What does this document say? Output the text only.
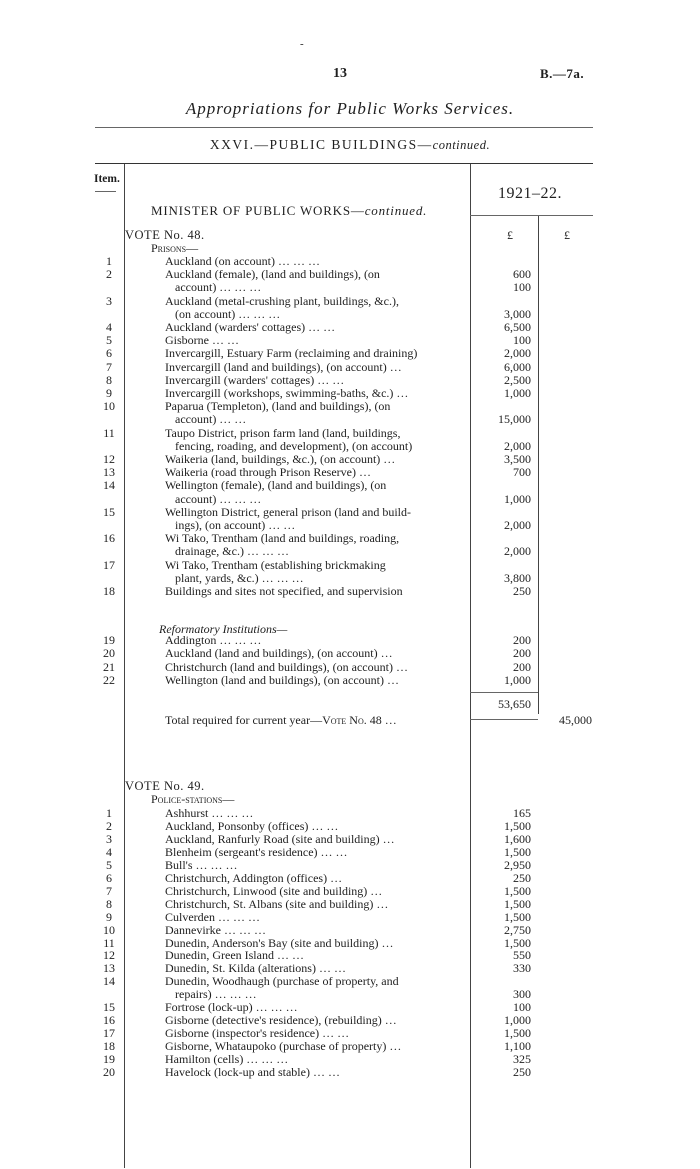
-
13	B.—7a.
Appropriations for Public Works Services.
XXVI.—PUBLIC BUILDINGS—continued.
Item.
1921–22.
MINISTER OF PUBLIC WORKS—continued.
VOTE No. 48.	£	£
Prisons—
1	Auckland (on account) … … …
2	Auckland (female), (land and buildings), (on	600
account) … … …	100
3	Auckland (metal-crushing plant, buildings, &c.),
(on account) … … …	3,000
4	Auckland (warders' cottages) … …	6,500
5	Gisborne … …	100
6	Invercargill, Estuary Farm (reclaiming and draining)	2,000
7	Invercargill (land and buildings), (on account) …	6,000
8	Invercargill (warders' cottages) … …	2,500
9	Invercargill (workshops, swimming-baths, &c.) …	1,000
10	Paparua (Templeton), (land and buildings), (on
account) … …	15,000
11	Taupo District, prison farm land (land, buildings,
fencing, roading, and development), (on account)	2,000
12	Waikeria (land, buildings, &c.), (on account) …	3,500
13	Waikeria (road through Prison Reserve) …	700
14	Wellington (female), (land and buildings), (on
account) … … …	1,000
15	Wellington District, general prison (land and build-
ings), (on account) … …	2,000
16	Wi Tako, Trentham (land and buildings, roading,
drainage, &c.) … … …	2,000
17	Wi Tako, Trentham (establishing brickmaking
plant, yards, &c.) … … …	3,800
18	Buildings and sites not specified, and supervision	250
Reformatory Institutions—
19	Addington … … …	200
20	Auckland (land and buildings), (on account) …	200
21	Christchurch (land and buildings), (on account) …	200
22	Wellington (land and buildings), (on account) …	1,000
53,650
Total required for current year—Vote No. 48 …	45,000
VOTE No. 49.
Police-stations—
1	Ashhurst … … …	165
2	Auckland, Ponsonby (offices) … …	1,500
3	Auckland, Ranfurly Road (site and building) …	1,600
4	Blenheim (sergeant's residence) … …	1,500
5	Bull's … … …	2,950
6	Christchurch, Addington (offices) …	250
7	Christchurch, Linwood (site and building) …	1,500
8	Christchurch, St. Albans (site and building) …	1,500
9	Culverden … … …	1,500
10	Dannevirke … … …	2,750
11	Dunedin, Anderson's Bay (site and building) …	1,500
12	Dunedin, Green Island … …	550
13	Dunedin, St. Kilda (alterations) … …	330
14	Dunedin, Woodhaugh (purchase of property, and
repairs) … … …	300
15	Fortrose (lock-up) … … …	100
16	Gisborne (detective's residence), (rebuilding) …	1,000
17	Gisborne (inspector's residence) … …	1,500
18	Gisborne, Whataupoko (purchase of property) …	1,100
19	Hamilton (cells) … … …	325
20	Havelock (lock-up and stable) … …	250
